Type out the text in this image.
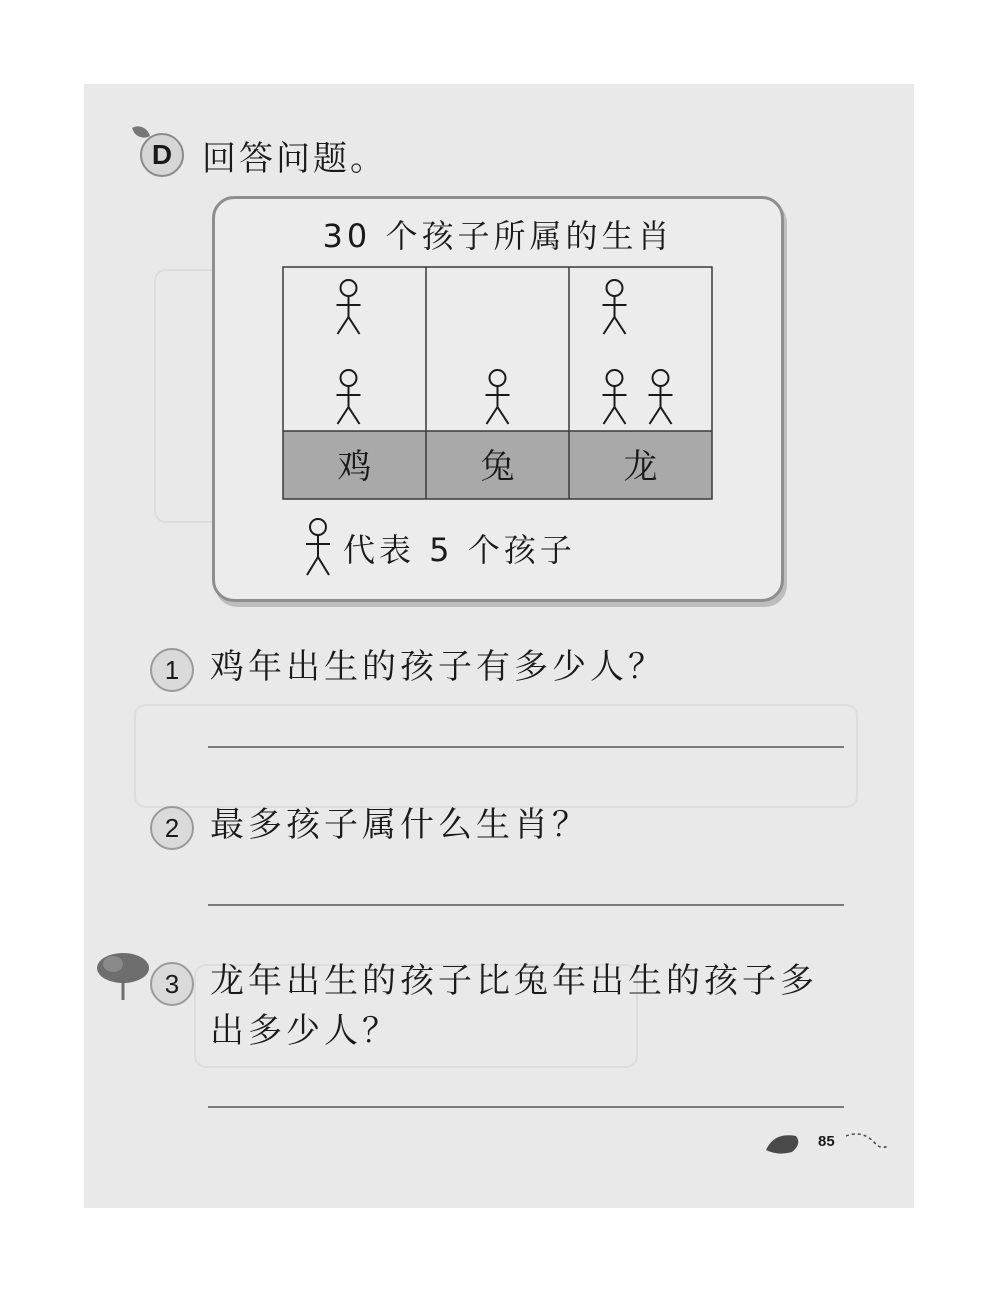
D 回答问题。
30 个孩子所属的生肖
鸡	兔	龙
代表 5 个孩子
1 鸡年出生的孩子有多少人？
2 最多孩子属什么生肖？
3 龙年出生的孩子比兔年出生的孩子多出多少人？
85
